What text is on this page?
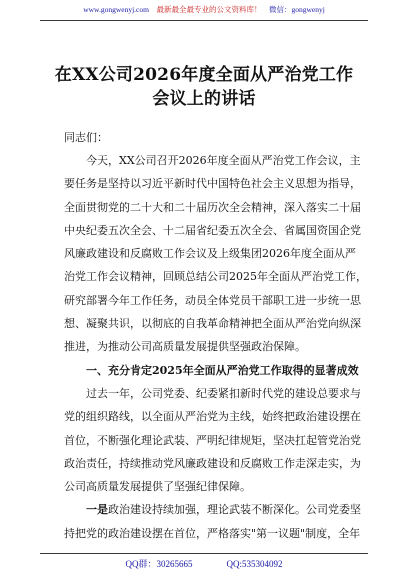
www.gongwenyj.com 最新最全最专业的公文资料库！ 微信：gongwenyj
在XX公司2026年度全面从严治党工作
会议上的讲话
同志们：
今天，XX公司召开2026年度全面从严治党工作会议，主
要任务是坚持以习近平新时代中国特色社会主义思想为指导，
全面贯彻党的二十大和二十届历次全会精神，深入落实二十届
中央纪委五次全会、十二届省纪委五次全会、省属国资国企党
风廉政建设和反腐败工作会议及上级集团2026年度全面从严
治党工作会议精神，回顾总结公司2025年全面从严治党工作，
研究部署今年工作任务，动员全体党员干部职工进一步统一思
想、凝聚共识，以彻底的自我革命精神把全面从严治党向纵深
推进，为推动公司高质量发展提供坚强政治保障。
一、充分肯定2025年全面从严治党工作取得的显著成效
过去一年，公司党委、纪委紧扣新时代党的建设总要求与
党的组织路线，以全面从严治党为主线，始终把政治建设摆在
首位，不断强化理论武装、严明纪律规矩，坚决扛起管党治党
政治责任，持续推动党风廉政建设和反腐败工作走深走实，为
公司高质量发展提供了坚强纪律保障。
一是政治建设持续加强，理论武装不断深化。公司党委坚
持把党的政治建设摆在首位，严格落实"第一议题"制度，全年
QQ群：30265665	QQ:535304092
